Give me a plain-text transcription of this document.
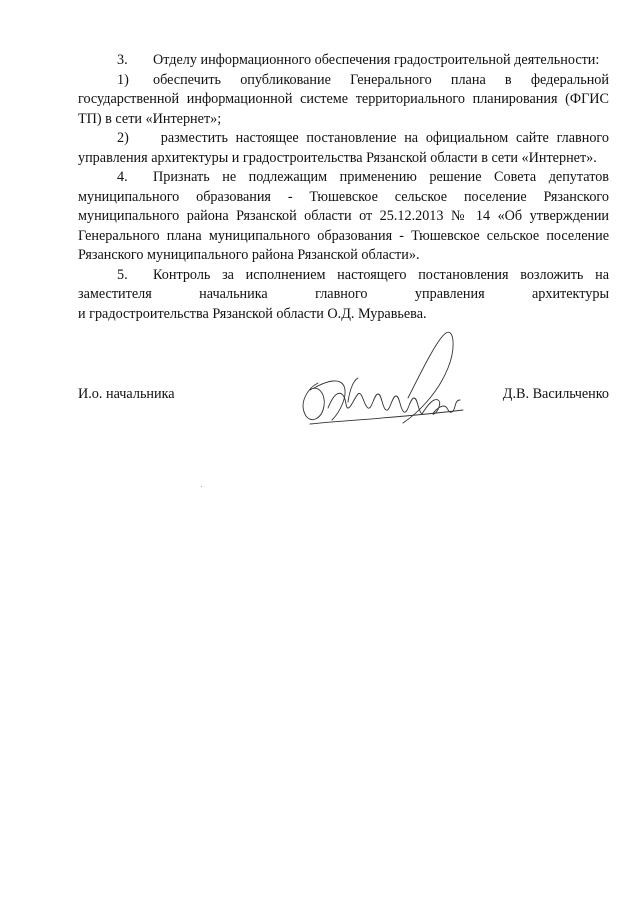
3. Отделу информационного обеспечения градостроительной деятельности:

1) обеспечить опубликование Генерального плана в федеральной государственной информационной системе территориального планирования (ФГИС ТП) в сети «Интернет»;

2) разместить настоящее постановление на официальном сайте главного управления архитектуры и градостроительства Рязанской области в сети «Интернет».

4. Признать не подлежащим применению решение Совета депутатов муниципального образования - Тюшевское сельское поселение Рязанского муниципального района Рязанской области от 25.12.2013 № 14 «Об утверждении Генерального плана муниципального образования - Тюшевское сельское поселение Рязанского муниципального района Рязанской области».

5. Контроль за исполнением настоящего постановления возложить на заместителя начальника главного управления архитектуры

и градостроительства Рязанской области О.Д. Муравьева.

И.о. начальника	Д.В. Васильченко
